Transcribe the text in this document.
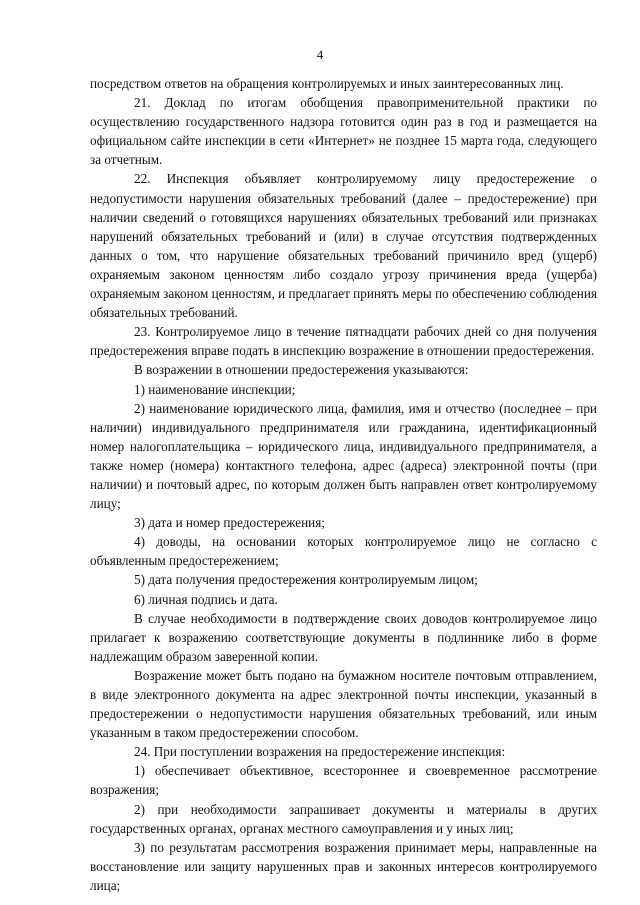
4

посредством ответов на обращения контролируемых и иных заинтересованных лиц.

21. Доклад по итогам обобщения правоприменительной практики по осуществлению государственного надзора готовится один раз в год и размещается на официальном сайте инспекции в сети «Интернет» не позднее 15 марта года, следующего за отчетным.

22. Инспекция объявляет контролируемому лицу предостережение о недопустимости нарушения обязательных требований (далее – предостережение) при наличии сведений о готовящихся нарушениях обязательных требований или признаках нарушений обязательных требований и (или) в случае отсутствия подтвержденных данных о том, что нарушение обязательных требований причинило вред (ущерб) охраняемым законом ценностям либо создало угрозу причинения вреда (ущерба) охраняемым законом ценностям, и предлагает принять меры по обеспечению соблюдения обязательных требований.

23. Контролируемое лицо в течение пятнадцати рабочих дней со дня получения предостережения вправе подать в инспекцию возражение в отношении предостережения.

В возражении в отношении предостережения указываются:

1) наименование инспекции;

2) наименование юридического лица, фамилия, имя и отчество (последнее – при наличии) индивидуального предпринимателя или гражданина, идентификационный номер налогоплательщика – юридического лица, индивидуального предпринимателя, а также номер (номера) контактного телефона, адрес (адреса) электронной почты (при наличии) и почтовый адрес, по которым должен быть направлен ответ контролируемому лицу;

3) дата и номер предостережения;

4) доводы, на основании которых контролируемое лицо не согласно с объявленным предостережением;

5) дата получения предостережения контролируемым лицом;

6) личная подпись и дата.

В случае необходимости в подтверждение своих доводов контролируемое лицо прилагает к возражению соответствующие документы в подлиннике либо в форме надлежащим образом заверенной копии.

Возражение может быть подано на бумажном носителе почтовым отправлением, в виде электронного документа на адрес электронной почты инспекции, указанный в предостережении о недопустимости нарушения обязательных требований, или иным указанным в таком предостережении способом.

24. При поступлении возражения на предостережение инспекция:

1) обеспечивает объективное, всестороннее и своевременное рассмотрение возражения;

2) при необходимости запрашивает документы и материалы в других государственных органах, органах местного самоуправления и у иных лиц;

3) по результатам рассмотрения возражения принимает меры, направленные на восстановление или защиту нарушенных прав и законных интересов контролируемого лица;
